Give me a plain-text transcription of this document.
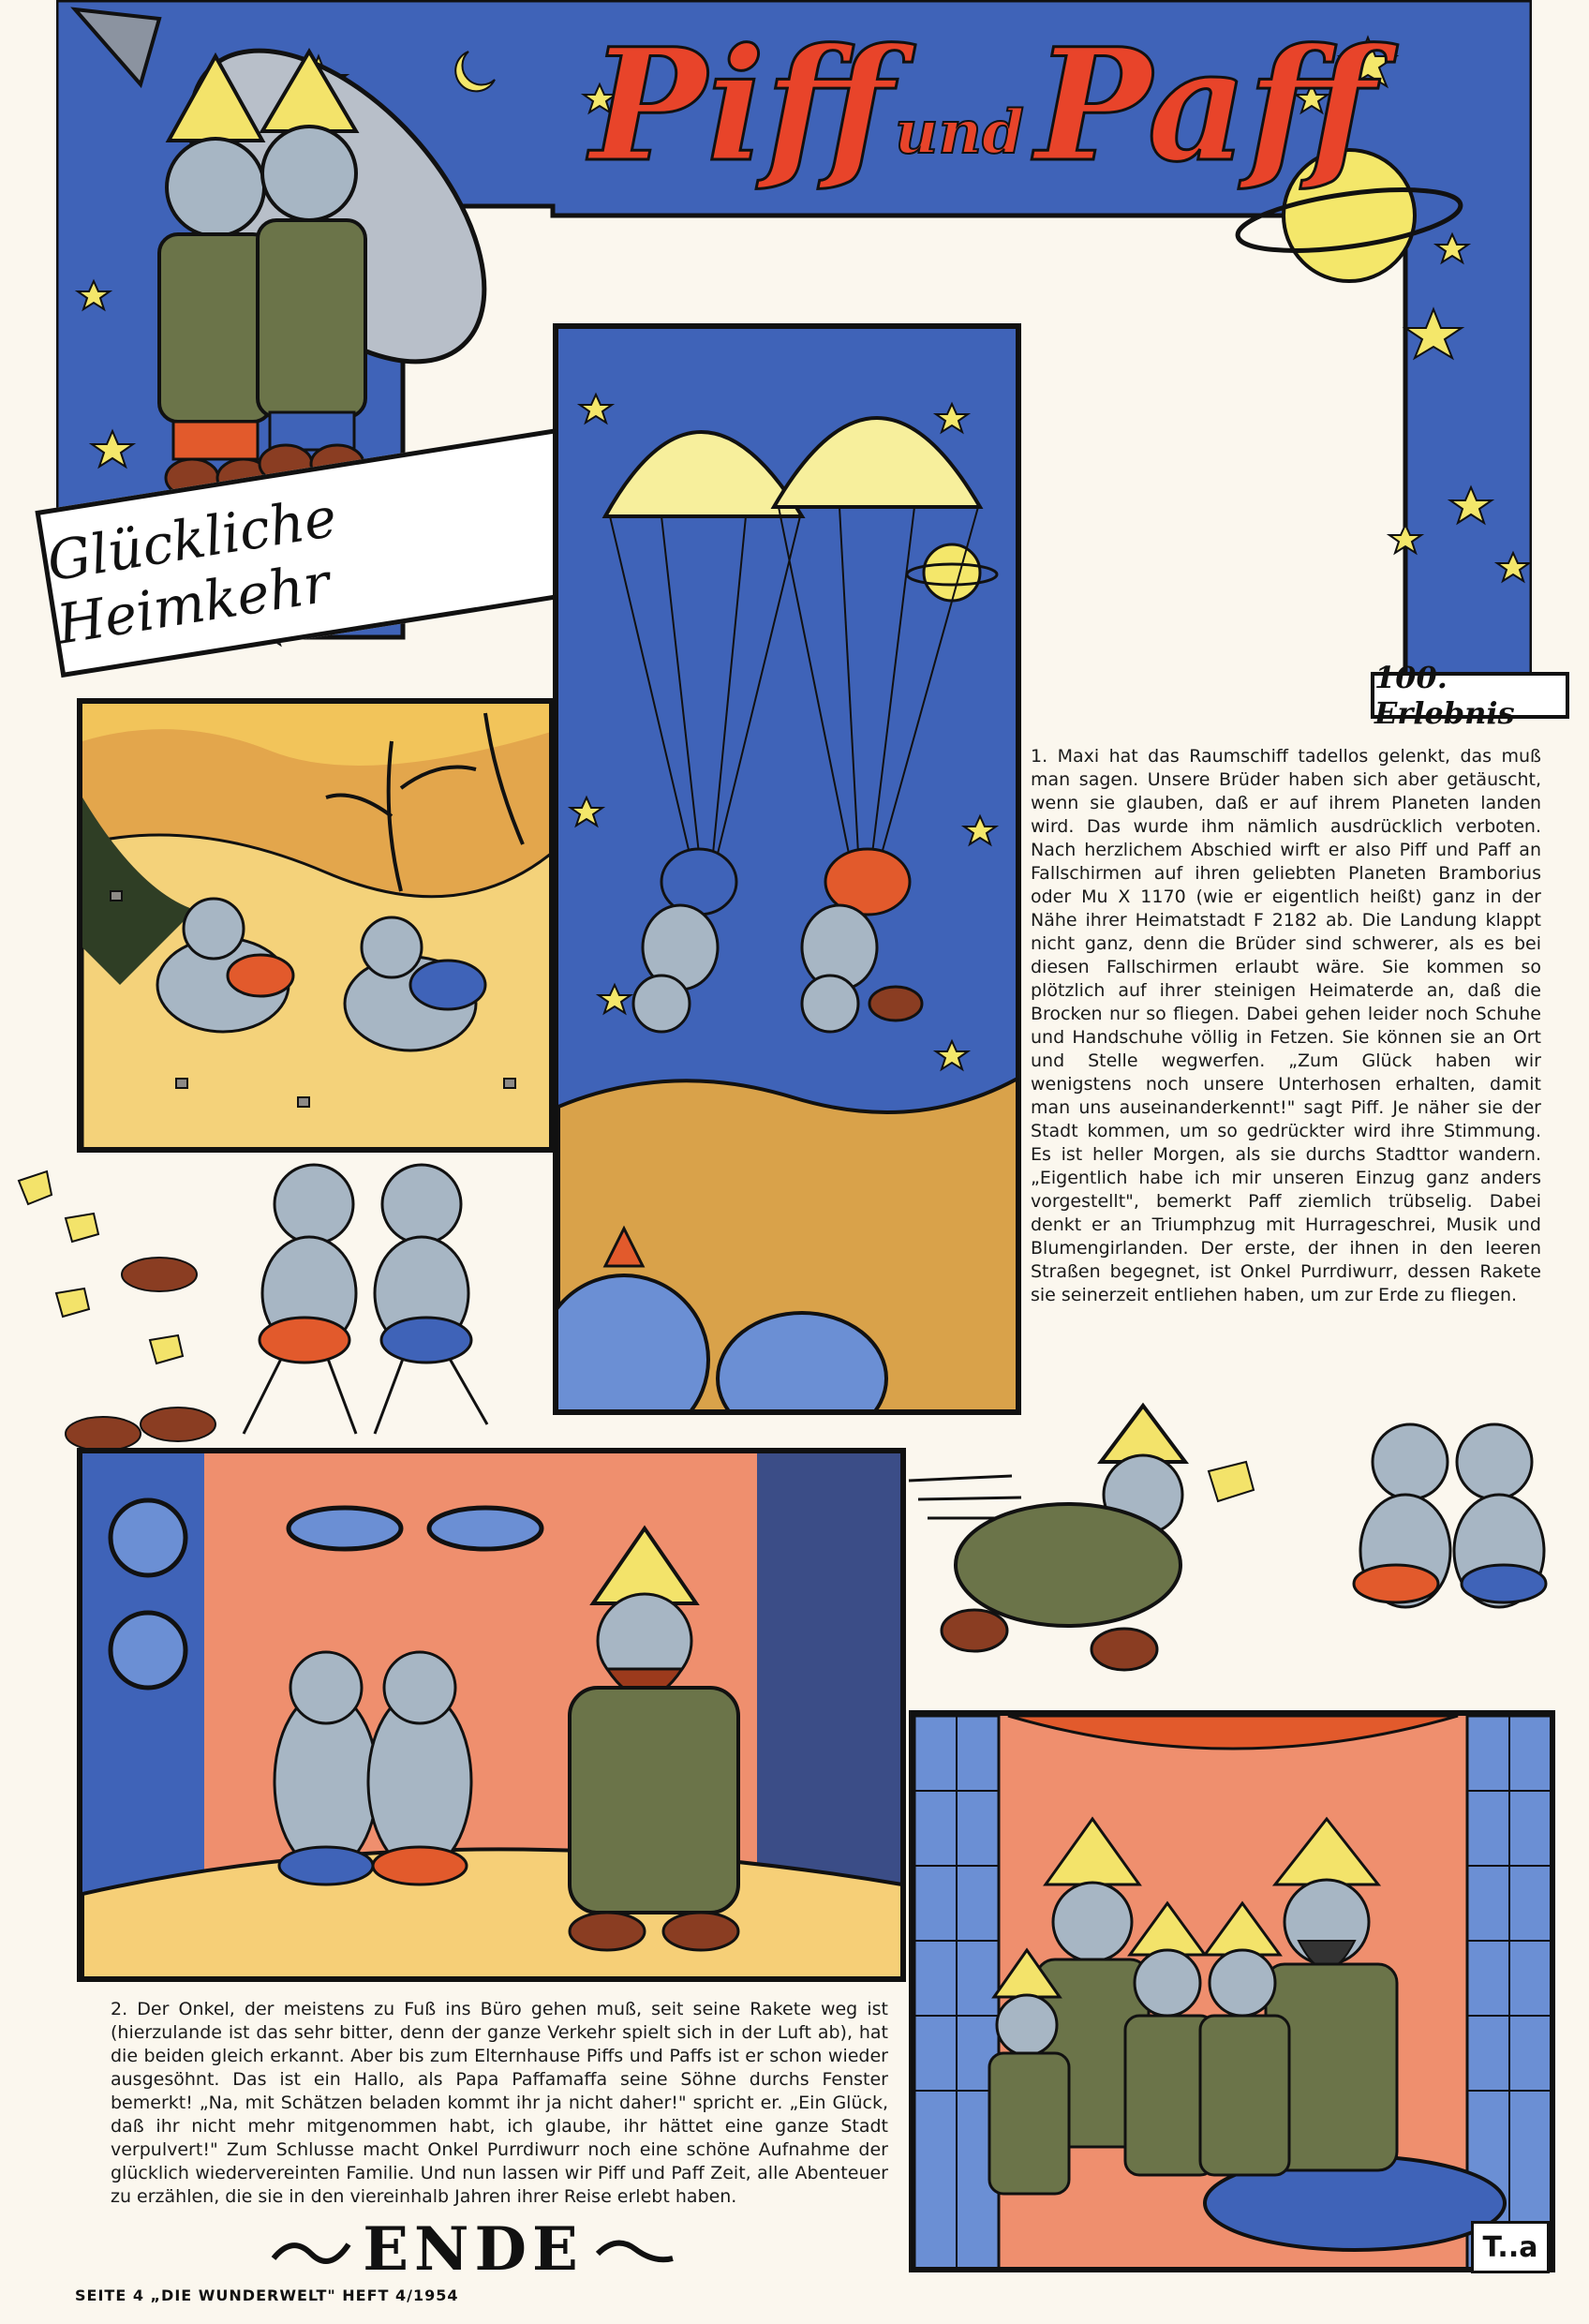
Piff und Paff
Glückliche Heimkehr
100. Erlebnis
1. Maxi hat das Raumschiff tadellos gelenkt, das muß man sagen. Unsere Brüder haben sich aber getäuscht, wenn sie glauben, daß er auf ihrem Planeten landen wird. Das wurde ihm nämlich ausdrücklich verboten. Nach herzlichem Abschied wirft er also Piff und Paff an Fallschirmen auf ihren geliebten Planeten Bramborius oder Mu X 1170 (wie er eigentlich heißt) ganz in der Nähe ihrer Heimatstadt F 2182 ab. Die Landung klappt nicht ganz, denn die Brüder sind schwerer, als es bei diesen Fallschirmen erlaubt wäre. Sie kommen so plötzlich auf ihrer steinigen Heimaterde an, daß die Brocken nur so fliegen. Dabei gehen leider noch Schuhe und Handschuhe völlig in Fetzen. Sie können sie an Ort und Stelle wegwerfen. „Zum Glück haben wir wenigstens noch unsere Unterhosen erhalten, damit man uns auseinanderkennt!" sagt Piff. Je näher sie der Stadt kommen, um so gedrückter wird ihre Stimmung. Es ist heller Morgen, als sie durchs Stadttor wandern. „Eigentlich habe ich mir unseren Einzug ganz anders vorgestellt", bemerkt Paff ziemlich trübselig. Dabei denkt er an Triumphzug mit Hurrageschrei, Musik und Blumengirlanden. Der erste, der ihnen in den leeren Straßen begegnet, ist Onkel Purrdiwurr, dessen Rakete sie seinerzeit entliehen haben, um zur Erde zu fliegen.
2. Der Onkel, der meistens zu Fuß ins Büro gehen muß, seit seine Rakete weg ist (hierzulande ist das sehr bitter, denn der ganze Verkehr spielt sich in der Luft ab), hat die beiden gleich erkannt. Aber bis zum Elternhause Piffs und Paffs ist er schon wieder ausgesöhnt. Das ist ein Hallo, als Papa Paffamaffa seine Söhne durchs Fenster bemerkt! „Na, mit Schätzen beladen kommt ihr ja nicht daher!" spricht er. „Ein Glück, daß ihr nicht mehr mitgenommen habt, ich glaube, ihr hättet eine ganze Stadt verpulvert!" Zum Schlusse macht Onkel Purrdiwurr noch eine schöne Aufnahme der glücklich wiedervereinten Familie. Und nun lassen wir Piff und Paff Zeit, alle Abenteuer zu erzählen, die sie in den viereinhalb Jahren ihrer Reise erlebt haben.
T..a
ENDE
SEITE 4 „DIE WUNDERWELT" HEFT 4/1954
